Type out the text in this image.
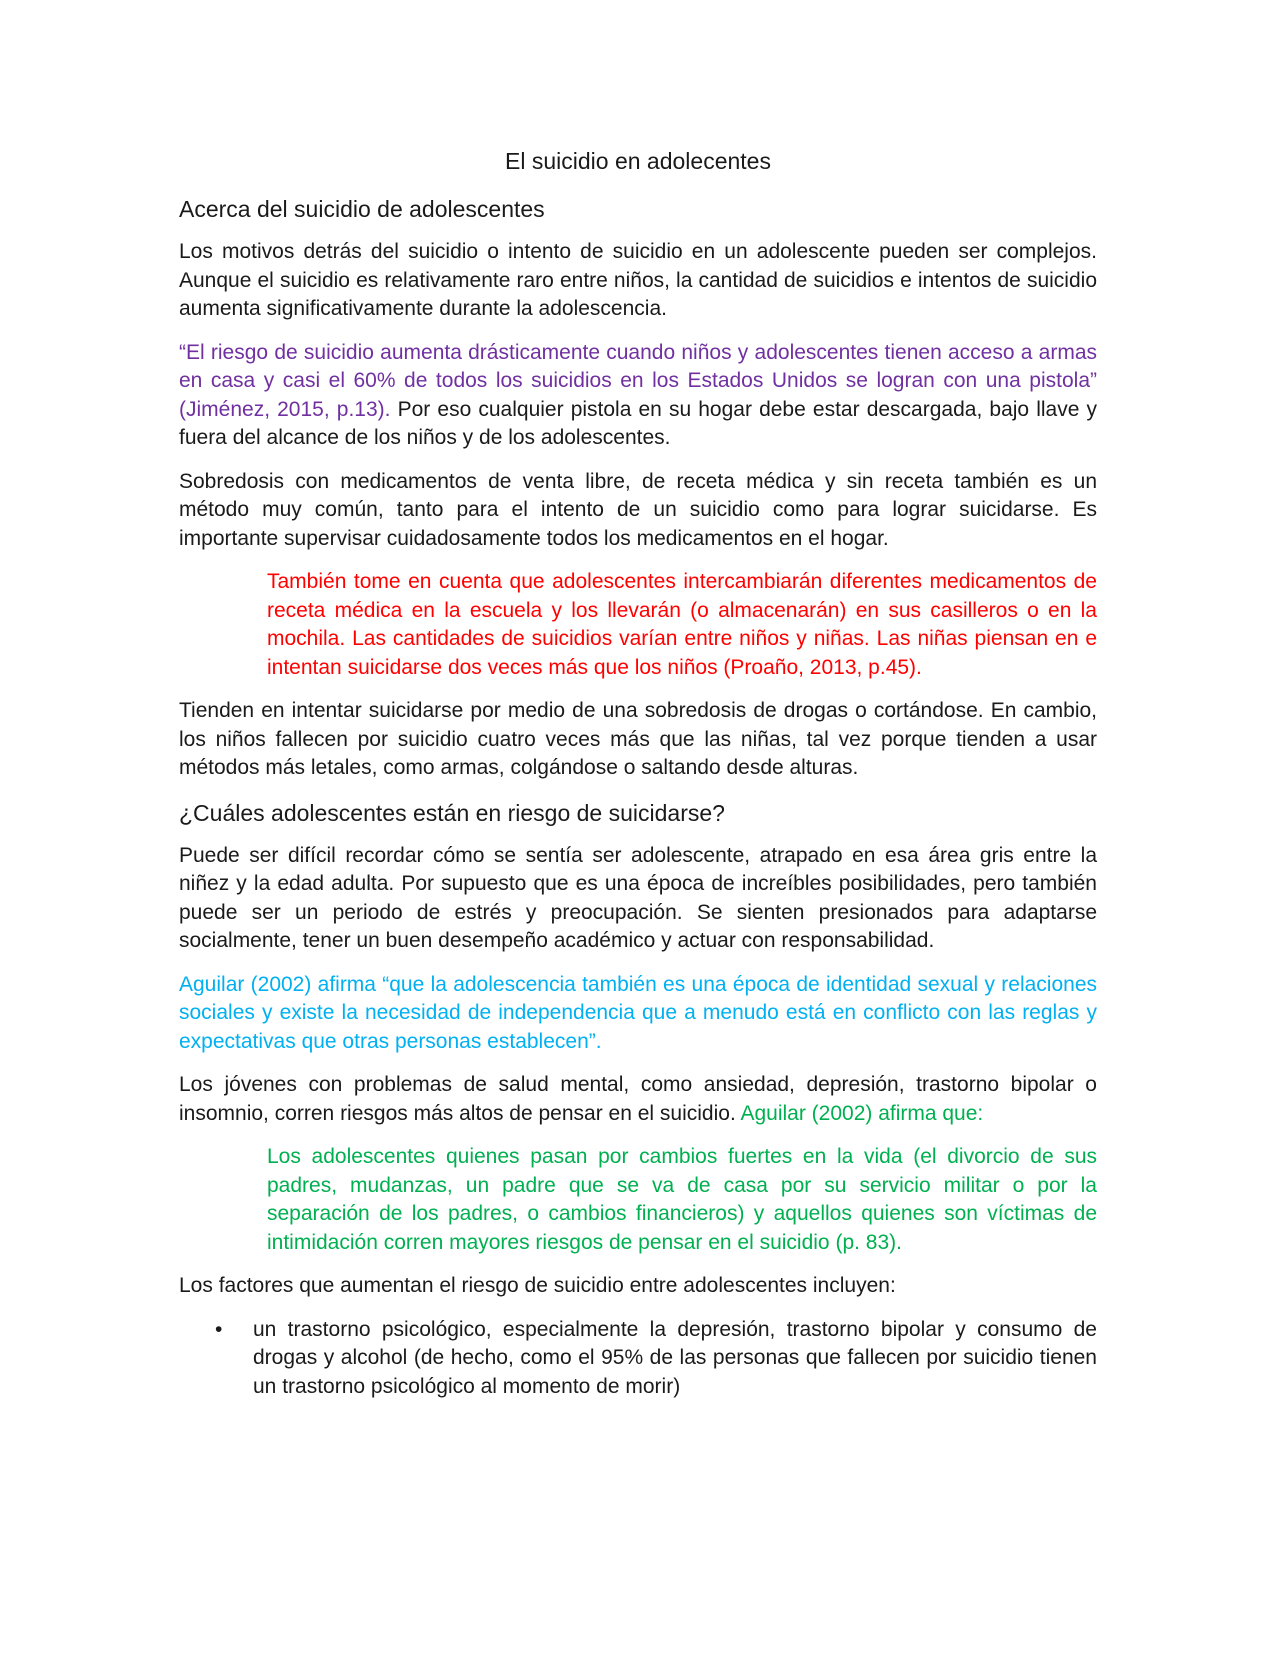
El suicidio en adolecentes
Acerca del suicidio de adolescentes

Los motivos detrás del suicidio o intento de suicidio en un adolescente pueden ser complejos. Aunque el suicidio es relativamente raro entre niños, la cantidad de suicidios e intentos de suicidio aumenta significativamente durante la adolescencia.

“El riesgo de suicidio aumenta drásticamente cuando niños y adolescentes tienen acceso a armas en casa y casi el 60% de todos los suicidios en los Estados Unidos se logran con una pistola” (Jiménez, 2015, p.13). Por eso cualquier pistola en su hogar debe estar descargada, bajo llave y fuera del alcance de los niños y de los adolescentes.

Sobredosis con medicamentos de venta libre, de receta médica y sin receta también es un método muy común, tanto para el intento de un suicidio como para lograr suicidarse. Es importante supervisar cuidadosamente todos los medicamentos en el hogar.

También tome en cuenta que adolescentes intercambiarán diferentes medicamentos de receta médica en la escuela y los llevarán (o almacenarán) en sus casilleros o en la mochila. Las cantidades de suicidios varían entre niños y niñas. Las niñas piensan en e intentan suicidarse dos veces más que los niños (Proaño, 2013, p.45).

Tienden en intentar suicidarse por medio de una sobredosis de drogas o cortándose. En cambio, los niños fallecen por suicidio cuatro veces más que las niñas, tal vez porque tienden a usar métodos más letales, como armas, colgándose o saltando desde alturas.

¿Cuáles adolescentes están en riesgo de suicidarse?

Puede ser difícil recordar cómo se sentía ser adolescente, atrapado en esa área gris entre la niñez y la edad adulta. Por supuesto que es una época de increíbles posibilidades, pero también puede ser un periodo de estrés y preocupación. Se sienten presionados para adaptarse socialmente, tener un buen desempeño académico y actuar con responsabilidad.

Aguilar (2002) afirma “que la adolescencia también es una época de identidad sexual y relaciones sociales y existe la necesidad de independencia que a menudo está en conflicto con las reglas y expectativas que otras personas establecen”.

Los jóvenes con problemas de salud mental, como ansiedad, depresión, trastorno bipolar o insomnio, corren riesgos más altos de pensar en el suicidio. Aguilar (2002) afirma que:

Los adolescentes quienes pasan por cambios fuertes en la vida (el divorcio de sus padres, mudanzas, un padre que se va de casa por su servicio militar o por la separación de los padres, o cambios financieros) y aquellos quienes son víctimas de intimidación corren mayores riesgos de pensar en el suicidio (p. 83).

Los factores que aumentan el riesgo de suicidio entre adolescentes incluyen:

• un trastorno psicológico, especialmente la depresión, trastorno bipolar y consumo de drogas y alcohol (de hecho, como el 95% de las personas que fallecen por suicidio tienen un trastorno psicológico al momento de morir)
